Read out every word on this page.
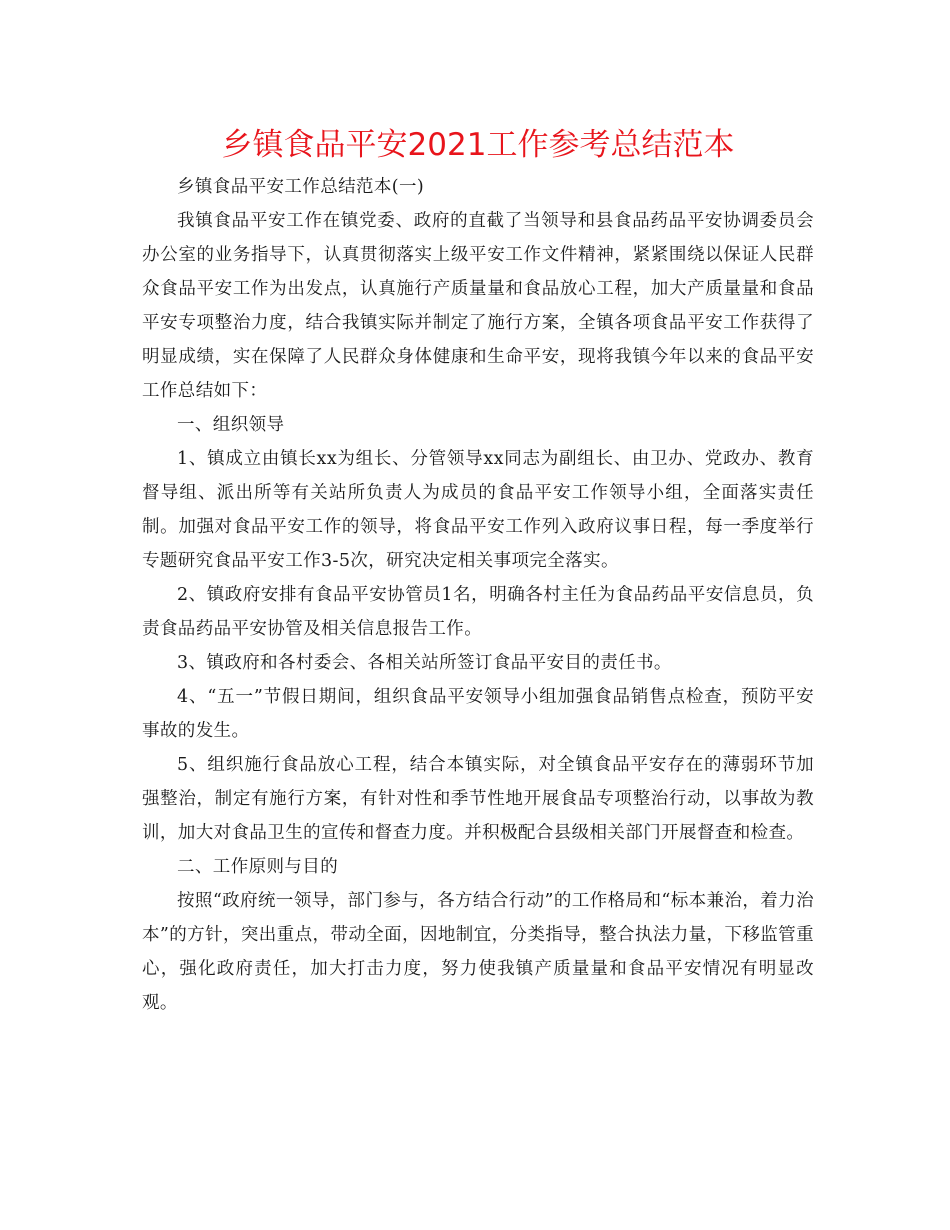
乡镇食品平安2021工作参考总结范本

乡镇食品平安工作总结范本(一)

我镇食品平安工作在镇党委、政府的直截了当领导和县食品药品平安协调委员会办公室的业务指导下，认真贯彻落实上级平安工作文件精神，紧紧围绕以保证人民群众食品平安工作为出发点，认真施行产质量量和食品放心工程，加大产质量量和食品平安专项整治力度，结合我镇实际并制定了施行方案，全镇各项食品平安工作获得了明显成绩，实在保障了人民群众身体健康和生命平安，现将我镇今年以来的食品平安工作总结如下：

一、组织领导

1、镇成立由镇长xx为组长、分管领导xx同志为副组长、由卫办、党政办、教育督导组、派出所等有关站所负责人为成员的食品平安工作领导小组，全面落实责任制。加强对食品平安工作的领导，将食品平安工作列入政府议事日程，每一季度举行专题研究食品平安工作3-5次，研究决定相关事项完全落实。

2、镇政府安排有食品平安协管员1名，明确各村主任为食品药品平安信息员，负责食品药品平安协管及相关信息报告工作。

3、镇政府和各村委会、各相关站所签订食品平安目的责任书。

4、“五一”节假日期间，组织食品平安领导小组加强食品销售点检查，预防平安事故的发生。

5、组织施行食品放心工程，结合本镇实际，对全镇食品平安存在的薄弱环节加强整治，制定有施行方案，有针对性和季节性地开展食品专项整治行动，以事故为教训，加大对食品卫生的宣传和督查力度。并积极配合县级相关部门开展督查和检查。

二、工作原则与目的

按照“政府统一领导，部门参与，各方结合行动”的工作格局和“标本兼治，着力治本”的方针，突出重点，带动全面，因地制宜，分类指导，整合执法力量，下移监管重心，强化政府责任，加大打击力度，努力使我镇产质量量和食品平安情况有明显改观。
